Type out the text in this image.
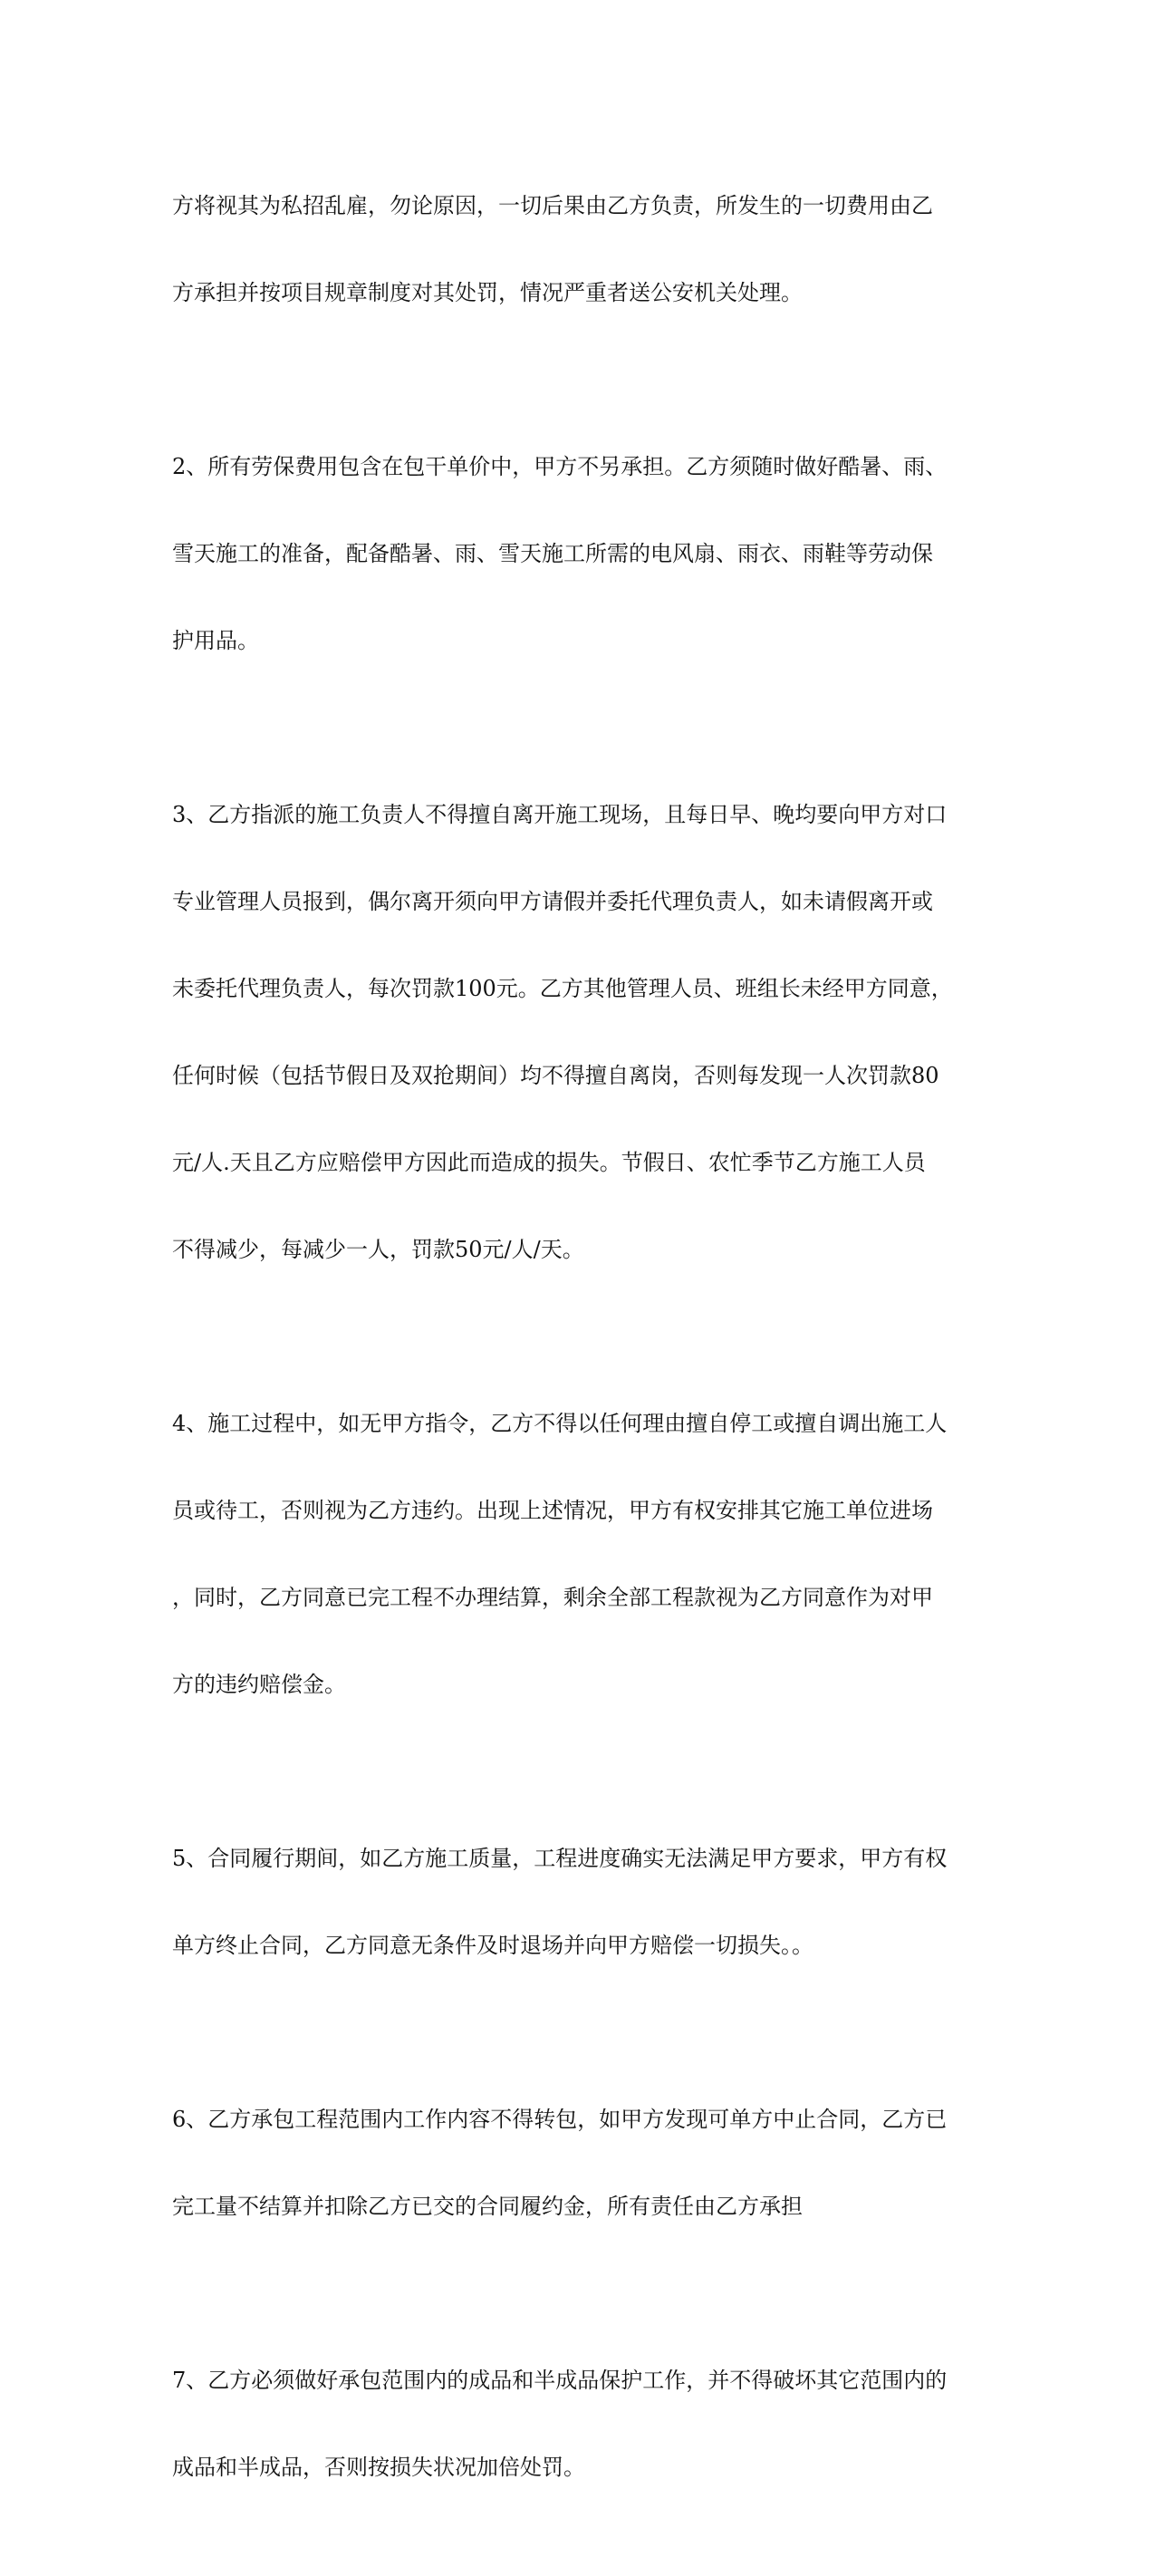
方将视其为私招乱雇，勿论原因，一切后果由乙方负责，所发生的一切费用由乙

方承担并按项目规章制度对其处罚，情况严重者送公安机关处理。

2、所有劳保费用包含在包干单价中，甲方不另承担。乙方须随时做好酷暑、雨、

雪天施工的准备，配备酷暑、雨、雪天施工所需的电风扇、雨衣、雨鞋等劳动保

护用品。

3、乙方指派的施工负责人不得擅自离开施工现场，且每日早、晚均要向甲方对口

专业管理人员报到，偶尔离开须向甲方请假并委托代理负责人，如未请假离开或

未委托代理负责人，每次罚款100元。乙方其他管理人员、班组长未经甲方同意，

任何时候（包括节假日及双抢期间）均不得擅自离岗，否则每发现一人次罚款80

元/人.天且乙方应赔偿甲方因此而造成的损失。节假日、农忙季节乙方施工人员

不得减少，每减少一人，罚款50元/人/天。

4、施工过程中，如无甲方指令，乙方不得以任何理由擅自停工或擅自调出施工人

员或待工，否则视为乙方违约。出现上述情况，甲方有权安排其它施工单位进场

，同时，乙方同意已完工程不办理结算，剩余全部工程款视为乙方同意作为对甲

方的违约赔偿金。

5、合同履行期间，如乙方施工质量，工程进度确实无法满足甲方要求，甲方有权

单方终止合同，乙方同意无条件及时退场并向甲方赔偿一切损失。。

6、乙方承包工程范围内工作内容不得转包，如甲方发现可单方中止合同，乙方已

完工量不结算并扣除乙方已交的合同履约金，所有责任由乙方承担

7、乙方必须做好承包范围内的成品和半成品保护工作，并不得破坏其它范围内的

成品和半成品，否则按损失状况加倍处罚。
